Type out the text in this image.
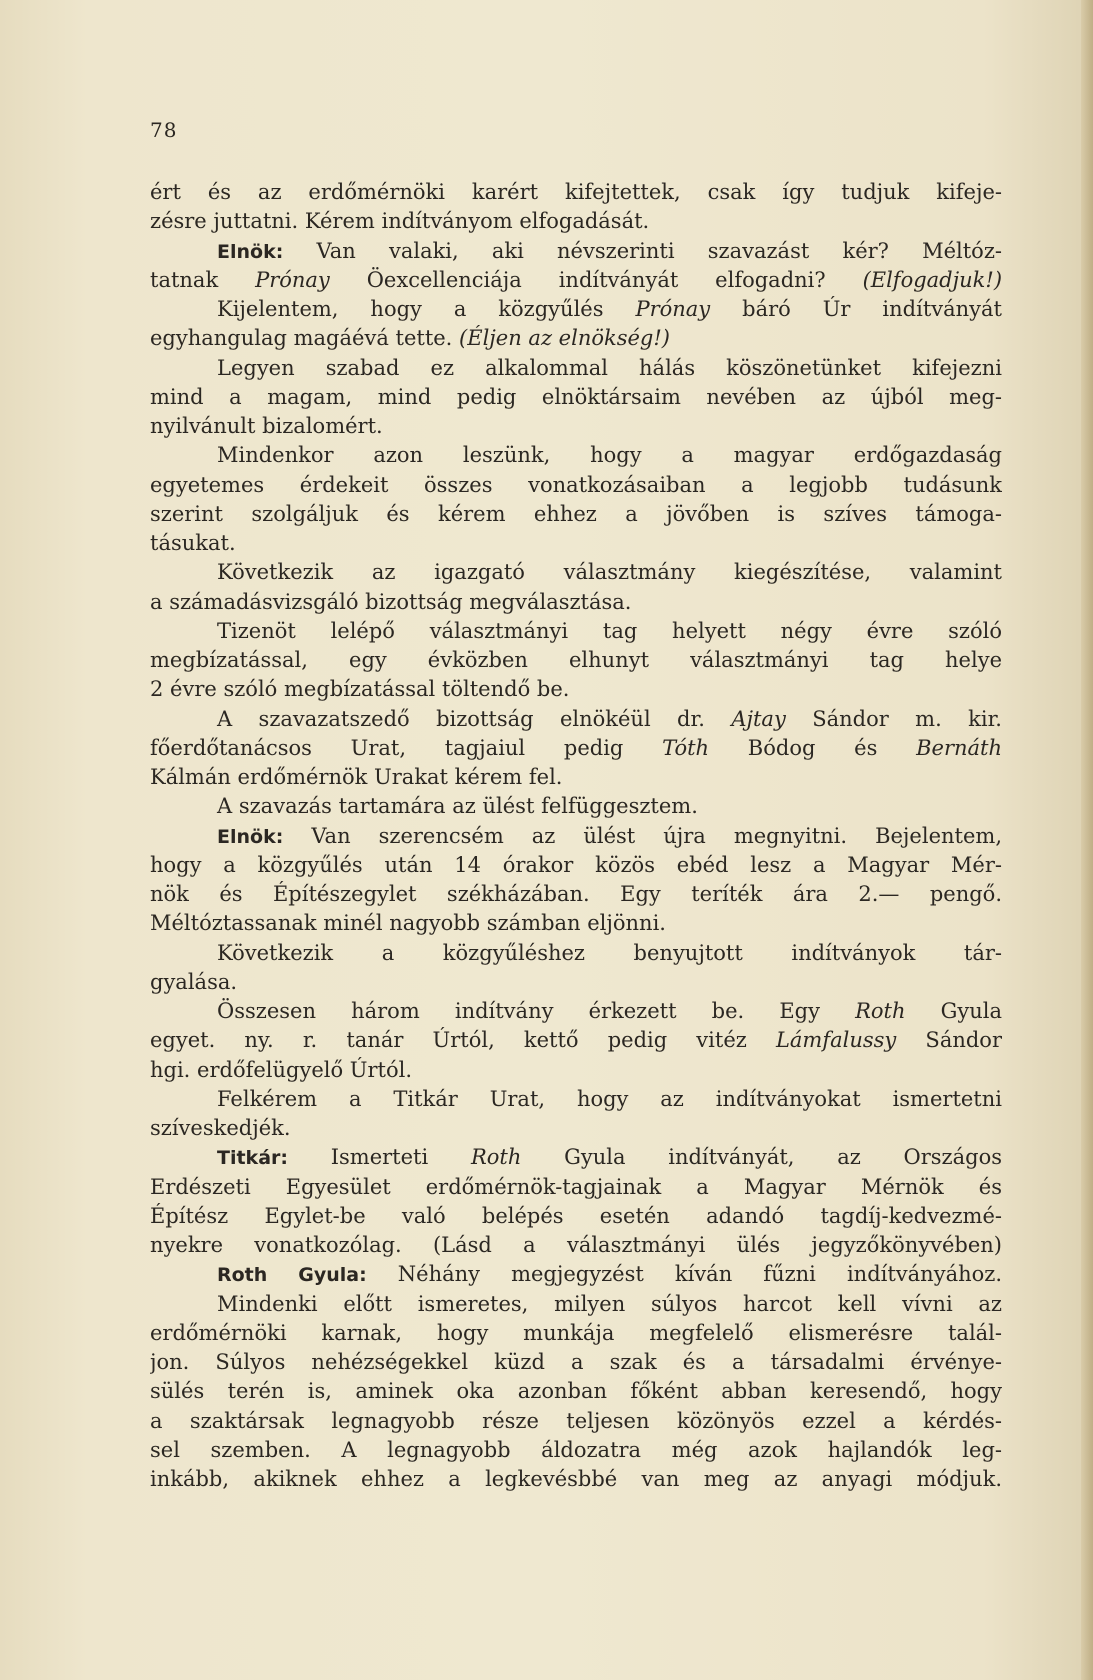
78
ért és az erdőmérnöki karért kifejtettek, csak így tudjuk kifeje-
zésre juttatni. Kérem indítványom elfogadását.
Elnök: Van valaki, aki névszerinti szavazást kér? Méltóz-
tatnak Prónay Öexcellenciája indítványát elfogadni? (Elfogadjuk!)
Kijelentem, hogy a közgyűlés Prónay báró Úr indítványát
egyhangulag magáévá tette. (Éljen az elnökség!)
Legyen szabad ez alkalommal hálás köszönetünket kifejezni
mind a magam, mind pedig elnöktársaim nevében az újból meg-
nyilvánult bizalomért.
Mindenkor azon leszünk, hogy a magyar erdőgazdaság
egyetemes érdekeit összes vonatkozásaiban a legjobb tudásunk
szerint szolgáljuk és kérem ehhez a jövőben is szíves támoga-
tásukat.
Következik az igazgató választmány kiegészítése, valamint
a számadásvizsgáló bizottság megválasztása.
Tizenöt lelépő választmányi tag helyett négy évre szóló
megbízatással, egy évközben elhunyt választmányi tag helye
2 évre szóló megbízatással töltendő be.
A szavazatszedő bizottság elnökéül dr. Ajtay Sándor m. kir.
főerdőtanácsos Urat, tagjaiul pedig Tóth Bódog és Bernáth
Kálmán erdőmérnök Urakat kérem fel.
A szavazás tartamára az ülést felfüggesztem.
Elnök: Van szerencsém az ülést újra megnyitni. Bejelentem,
hogy a közgyűlés után 14 órakor közös ebéd lesz a Magyar Mér-
nök és Építészegylet székházában. Egy teríték ára 2.— pengő.
Méltóztassanak minél nagyobb számban eljönni.
Következik a közgyűléshez benyujtott indítványok tár-
gyalása.
Összesen három indítvány érkezett be. Egy Roth Gyula
egyet. ny. r. tanár Úrtól, kettő pedig vitéz Lámfalussy Sándor
hgi. erdőfelügyelő Úrtól.
Felkérem a Titkár Urat, hogy az indítványokat ismertetni
szíveskedjék.
Titkár: Ismerteti Roth Gyula indítványát, az Országos
Erdészeti Egyesület erdőmérnök-tagjainak a Magyar Mérnök és
Építész Egylet-be való belépés esetén adandó tagdíj-kedvezmé-
nyekre vonatkozólag. (Lásd a választmányi ülés jegyzőkönyvében)
Roth Gyula: Néhány megjegyzést kíván fűzni indítványához.
Mindenki előtt ismeretes, milyen súlyos harcot kell vívni az
erdőmérnöki karnak, hogy munkája megfelelő elismerésre talál-
jon. Súlyos nehézségekkel küzd a szak és a társadalmi érvénye-
sülés terén is, aminek oka azonban főként abban keresendő, hogy
a szaktársak legnagyobb része teljesen közönyös ezzel a kérdés-
sel szemben. A legnagyobb áldozatra még azok hajlandók leg-
inkább, akiknek ehhez a legkevésbbé van meg az anyagi módjuk.
